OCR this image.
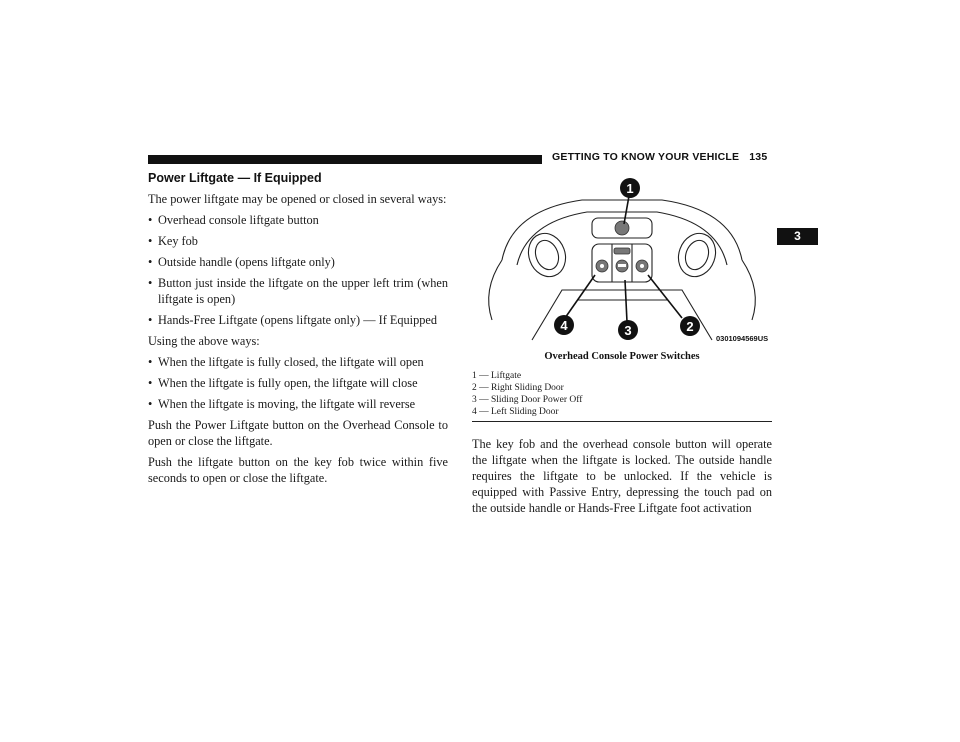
GETTING TO KNOW YOUR VEHICLE 135
3
Power Liftgate — If Equipped

The power liftgate may be opened or closed in several ways:

• Overhead console liftgate button
• Key fob
• Outside handle (opens liftgate only)
• Button just inside the liftgate on the upper left trim (when liftgate is open)
• Hands-Free Liftgate (opens liftgate only) — If Equipped

Using the above ways:

• When the liftgate is fully closed, the liftgate will open
• When the liftgate is fully open, the liftgate will close
• When the liftgate is moving, the liftgate will reverse

Push the Power Liftgate button on the Overhead Console to open or close the liftgate.

Push the liftgate button on the key fob twice within five seconds to open or close the liftgate.

1
2
3
4
0301094569US
Overhead Console Power Switches
1 — Liftgate
2 — Right Sliding Door
3 — Sliding Door Power Off
4 — Left Sliding Door

The key fob and the overhead console button will operate the liftgate when the liftgate is locked. The outside handle requires the liftgate to be unlocked. If the vehicle is equipped with Passive Entry, depressing the touch pad on the outside handle or Hands-Free Liftgate foot activation
